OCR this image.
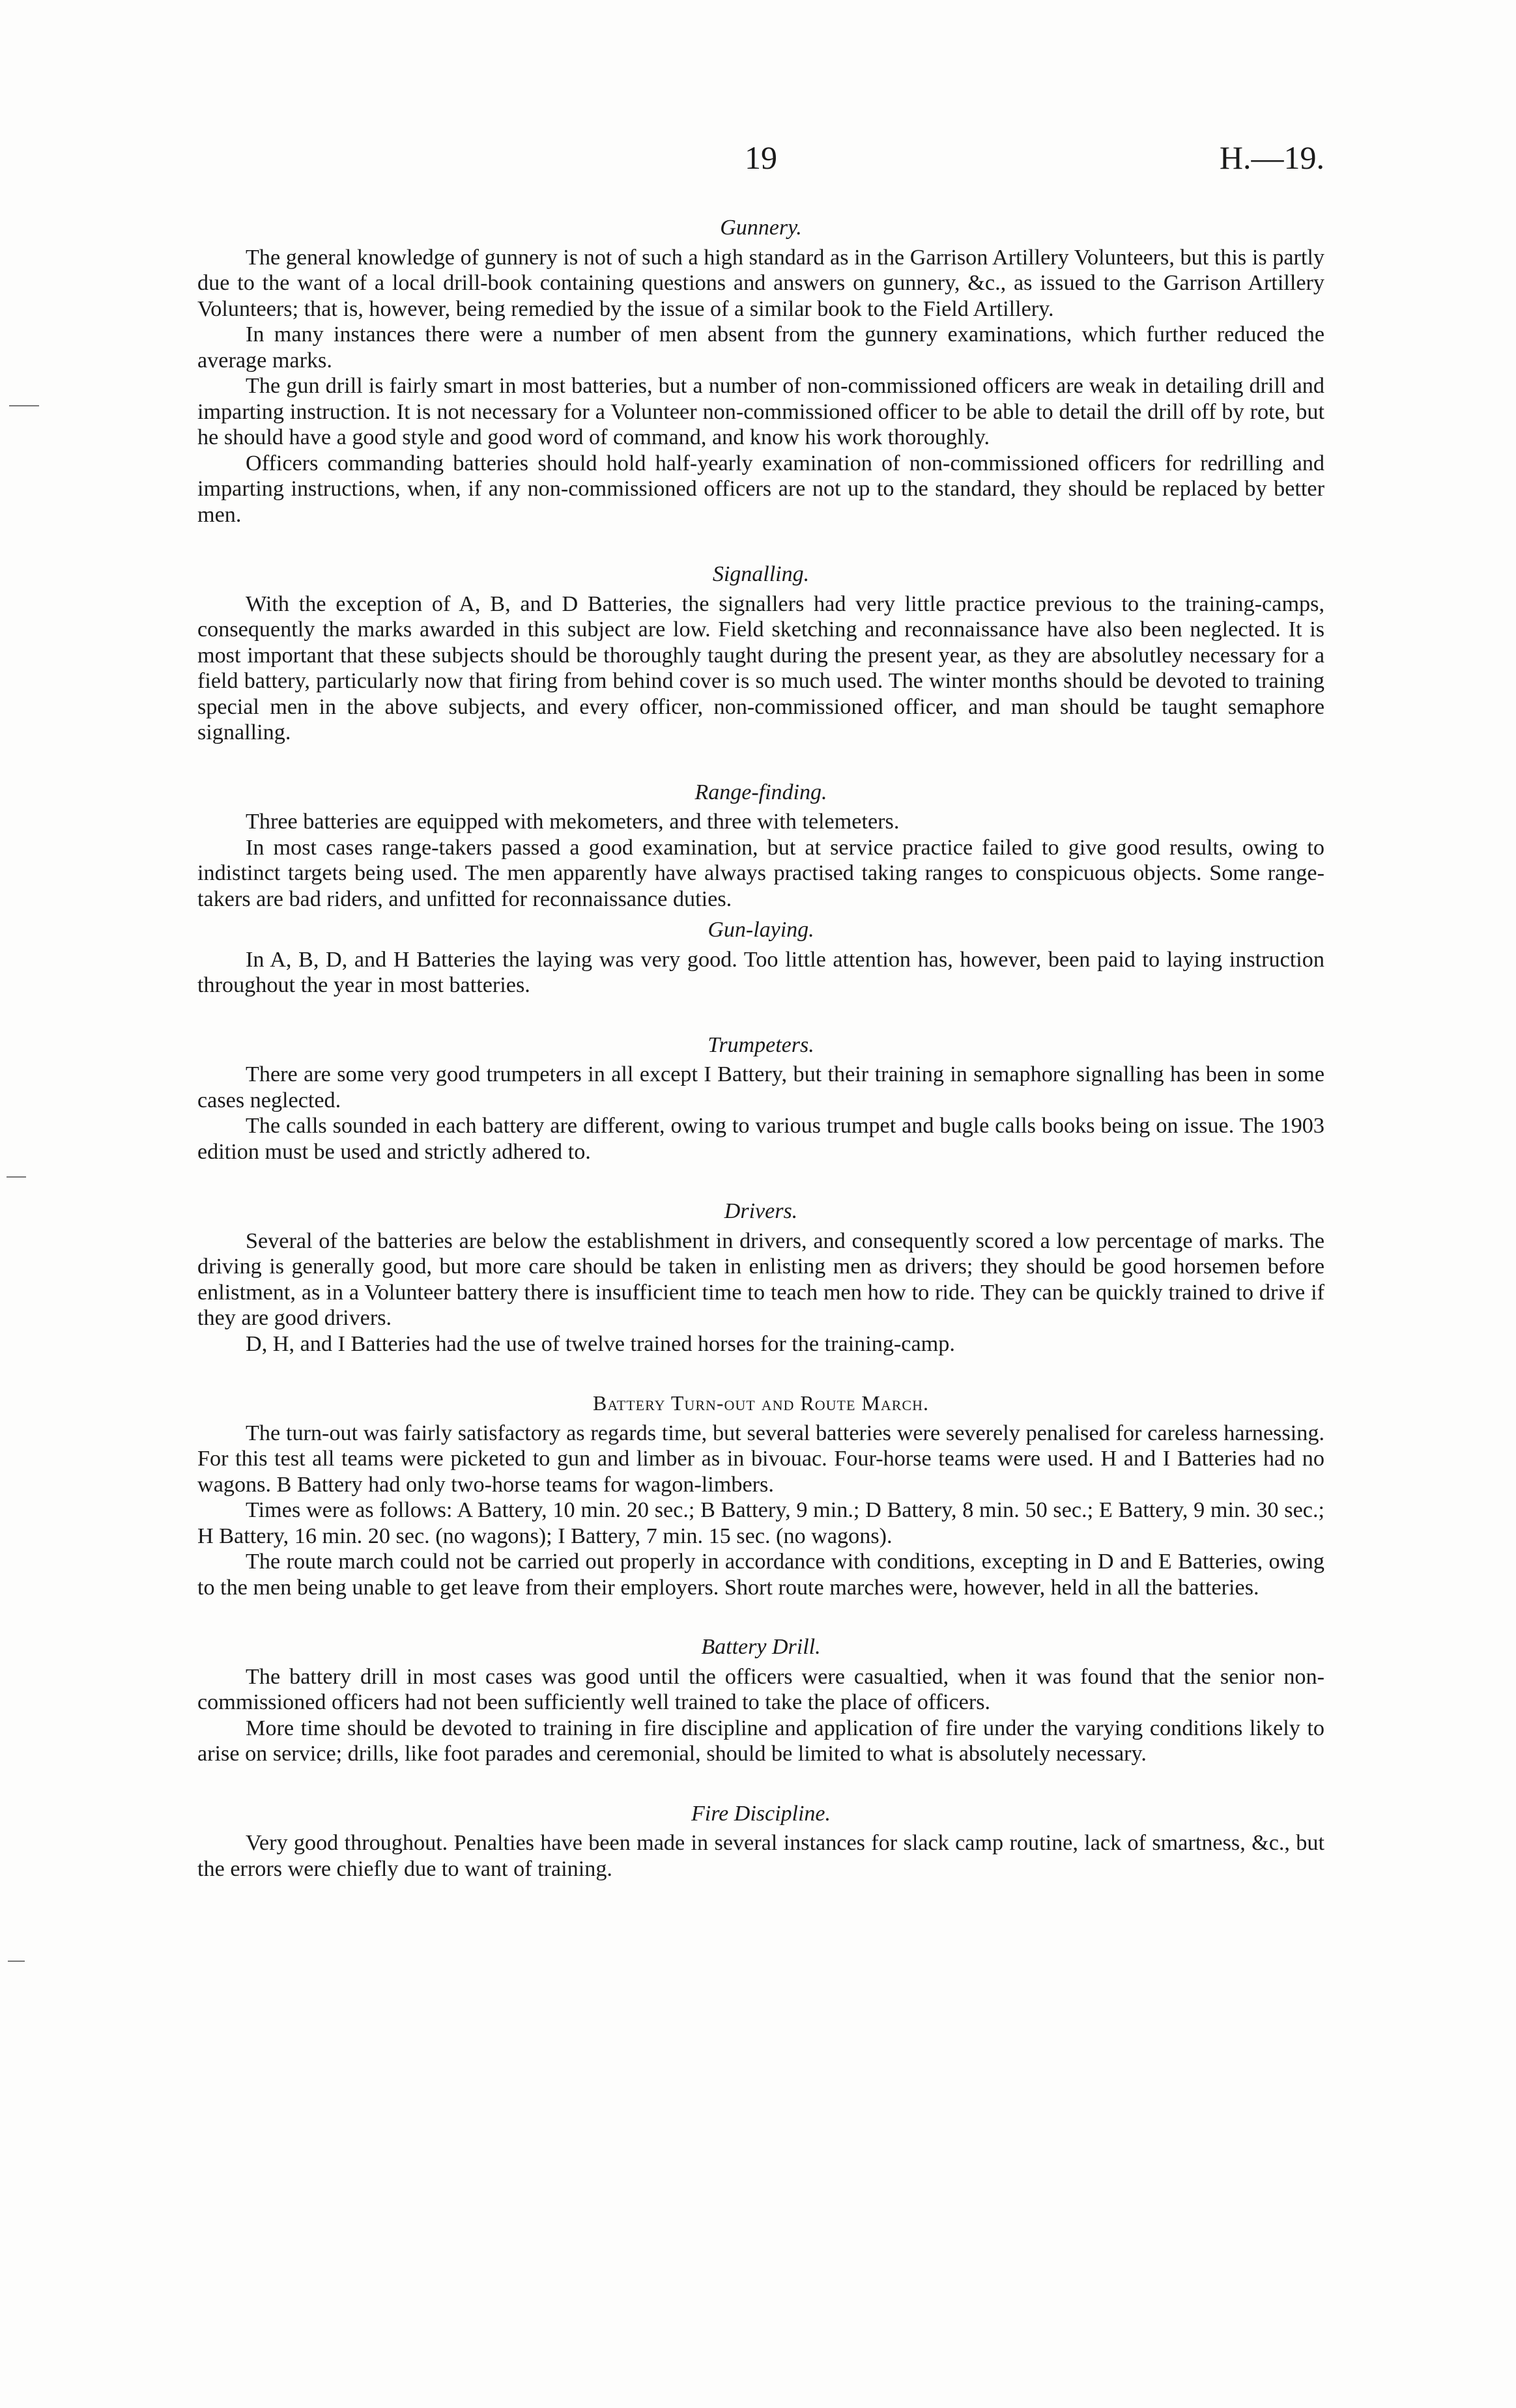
19	H.—19.

Gunnery.

The general knowledge of gunnery is not of such a high standard as in the Garrison Artillery Volunteers, but this is partly due to the want of a local drill-book containing questions and answers on gunnery, &c., as issued to the Garrison Artillery Volunteers; that is, however, being remedied by the issue of a similar book to the Field Artillery.

In many instances there were a number of men absent from the gunnery examinations, which further reduced the average marks.

The gun drill is fairly smart in most batteries, but a number of non-commissioned officers are weak in detailing drill and imparting instruction. It is not necessary for a Volunteer non-commissioned officer to be able to detail the drill off by rote, but he should have a good style and good word of command, and know his work thoroughly.

Officers commanding batteries should hold half-yearly examination of non-commissioned officers for redrilling and imparting instructions, when, if any non-commissioned officers are not up to the standard, they should be replaced by better men.

Signalling.

With the exception of A, B, and D Batteries, the signallers had very little practice previous to the training-camps, consequently the marks awarded in this subject are low. Field sketching and reconnaissance have also been neglected. It is most important that these subjects should be thoroughly taught during the present year, as they are absolutley necessary for a field battery, particularly now that firing from behind cover is so much used. The winter months should be devoted to training special men in the above subjects, and every officer, non-commissioned officer, and man should be taught semaphore signalling.

Range-finding.

Three batteries are equipped with mekometers, and three with telemeters.

In most cases range-takers passed a good examination, but at service practice failed to give good results, owing to indistinct targets being used. The men apparently have always practised taking ranges to conspicuous objects. Some range-takers are bad riders, and unfitted for reconnaissance duties.

Gun-laying.

In A, B, D, and H Batteries the laying was very good. Too little attention has, however, been paid to laying instruction throughout the year in most batteries.

Trumpeters.

There are some very good trumpeters in all except I Battery, but their training in semaphore signalling has been in some cases neglected.

The calls sounded in each battery are different, owing to various trumpet and bugle calls books being on issue. The 1903 edition must be used and strictly adhered to.

Drivers.

Several of the batteries are below the establishment in drivers, and consequently scored a low percentage of marks. The driving is generally good, but more care should be taken in enlisting men as drivers; they should be good horsemen before enlistment, as in a Volunteer battery there is insufficient time to teach men how to ride. They can be quickly trained to drive if they are good drivers.

D, H, and I Batteries had the use of twelve trained horses for the training-camp.

Battery Turn-out and Route March.

The turn-out was fairly satisfactory as regards time, but several batteries were severely penalised for careless harnessing. For this test all teams were picketed to gun and limber as in bivouac. Four-horse teams were used. H and I Batteries had no wagons. B Battery had only two-horse teams for wagon-limbers.

Times were as follows: A Battery, 10 min. 20 sec.; B Battery, 9 min.; D Battery, 8 min. 50 sec.; E Battery, 9 min. 30 sec.; H Battery, 16 min. 20 sec. (no wagons); I Battery, 7 min. 15 sec. (no wagons).

The route march could not be carried out properly in accordance with conditions, excepting in D and E Batteries, owing to the men being unable to get leave from their employers. Short route marches were, however, held in all the batteries.

Battery Drill.

The battery drill in most cases was good until the officers were casualtied, when it was found that the senior non-commissioned officers had not been sufficiently well trained to take the place of officers.

More time should be devoted to training in fire discipline and application of fire under the varying conditions likely to arise on service; drills, like foot parades and ceremonial, should be limited to what is absolutely necessary.

Fire Discipline.

Very good throughout. Penalties have been made in several instances for slack camp routine, lack of smartness, &c., but the errors were chiefly due to want of training.
